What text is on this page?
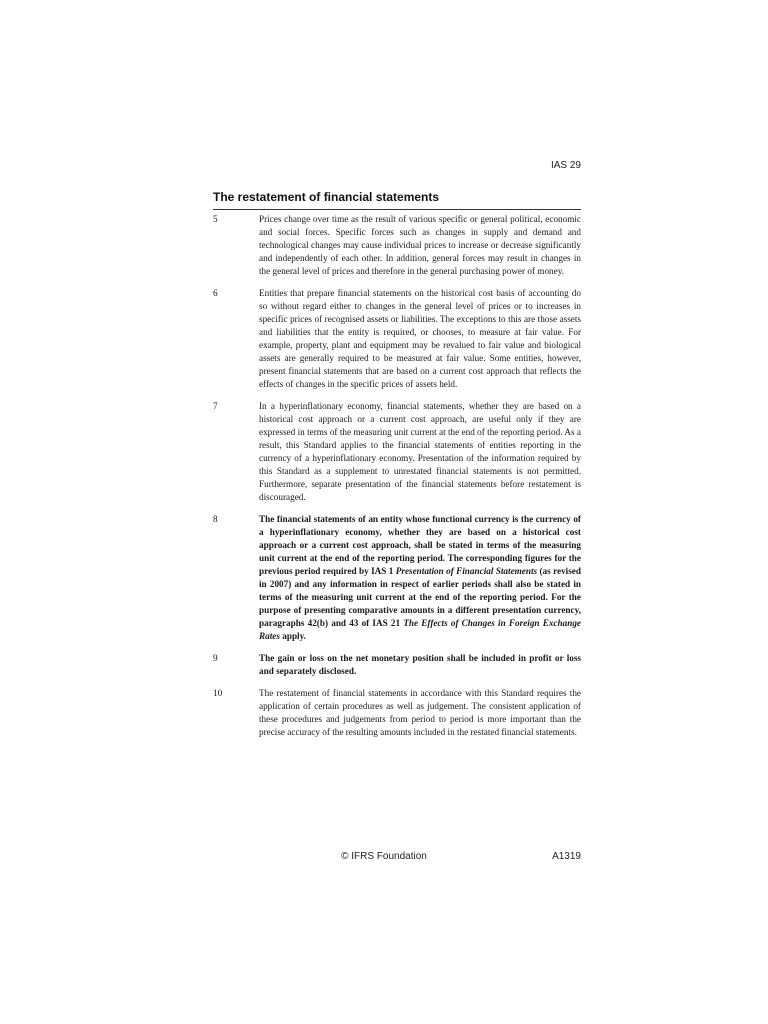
IAS 29
The restatement of financial statements
5	Prices change over time as the result of various specific or general political, economic and social forces. Specific forces such as changes in supply and demand and technological changes may cause individual prices to increase or decrease significantly and independently of each other. In addition, general forces may result in changes in the general level of prices and therefore in the general purchasing power of money.
6	Entities that prepare financial statements on the historical cost basis of accounting do so without regard either to changes in the general level of prices or to increases in specific prices of recognised assets or liabilities. The exceptions to this are those assets and liabilities that the entity is required, or chooses, to measure at fair value. For example, property, plant and equipment may be revalued to fair value and biological assets are generally required to be measured at fair value. Some entities, however, present financial statements that are based on a current cost approach that reflects the effects of changes in the specific prices of assets held.
7	In a hyperinflationary economy, financial statements, whether they are based on a historical cost approach or a current cost approach, are useful only if they are expressed in terms of the measuring unit current at the end of the reporting period. As a result, this Standard applies to the financial statements of entities reporting in the currency of a hyperinflationary economy. Presentation of the information required by this Standard as a supplement to unrestated financial statements is not permitted. Furthermore, separate presentation of the financial statements before restatement is discouraged.
8	The financial statements of an entity whose functional currency is the currency of a hyperinflationary economy, whether they are based on a historical cost approach or a current cost approach, shall be stated in terms of the measuring unit current at the end of the reporting period. The corresponding figures for the previous period required by IAS 1 Presentation of Financial Statements (as revised in 2007) and any information in respect of earlier periods shall also be stated in terms of the measuring unit current at the end of the reporting period. For the purpose of presenting comparative amounts in a different presentation currency, paragraphs 42(b) and 43 of IAS 21 The Effects of Changes in Foreign Exchange Rates apply.
9	The gain or loss on the net monetary position shall be included in profit or loss and separately disclosed.
10	The restatement of financial statements in accordance with this Standard requires the application of certain procedures as well as judgement. The consistent application of these procedures and judgements from period to period is more important than the precise accuracy of the resulting amounts included in the restated financial statements.
© IFRS Foundation	A1319
